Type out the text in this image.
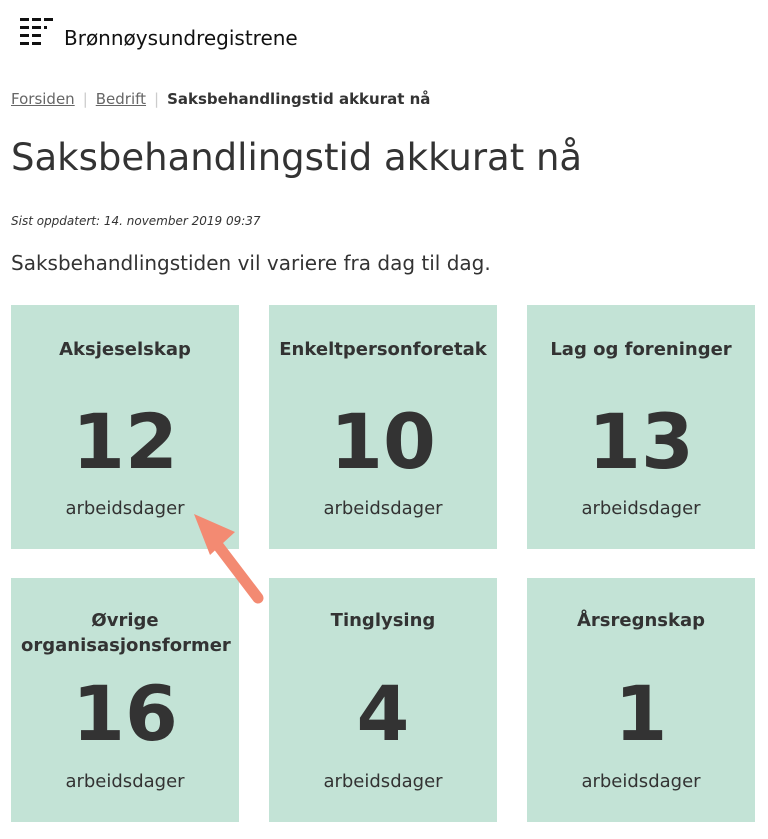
Brønnøysundregistrene
Forsiden | Bedrift | Saksbehandlingstid akkurat nå
Saksbehandlingstid akkurat nå
Sist oppdatert: 14. november 2019 09:37
Saksbehandlingstiden vil variere fra dag til dag.
Aksjeselskap
12
arbeidsdager
Enkeltpersonforetak
10
arbeidsdager
Lag og foreninger
13
arbeidsdager
Øvrige organisasjonsformer
16
arbeidsdager
Tinglysing
4
arbeidsdager
Årsregnskap
1
arbeidsdager
